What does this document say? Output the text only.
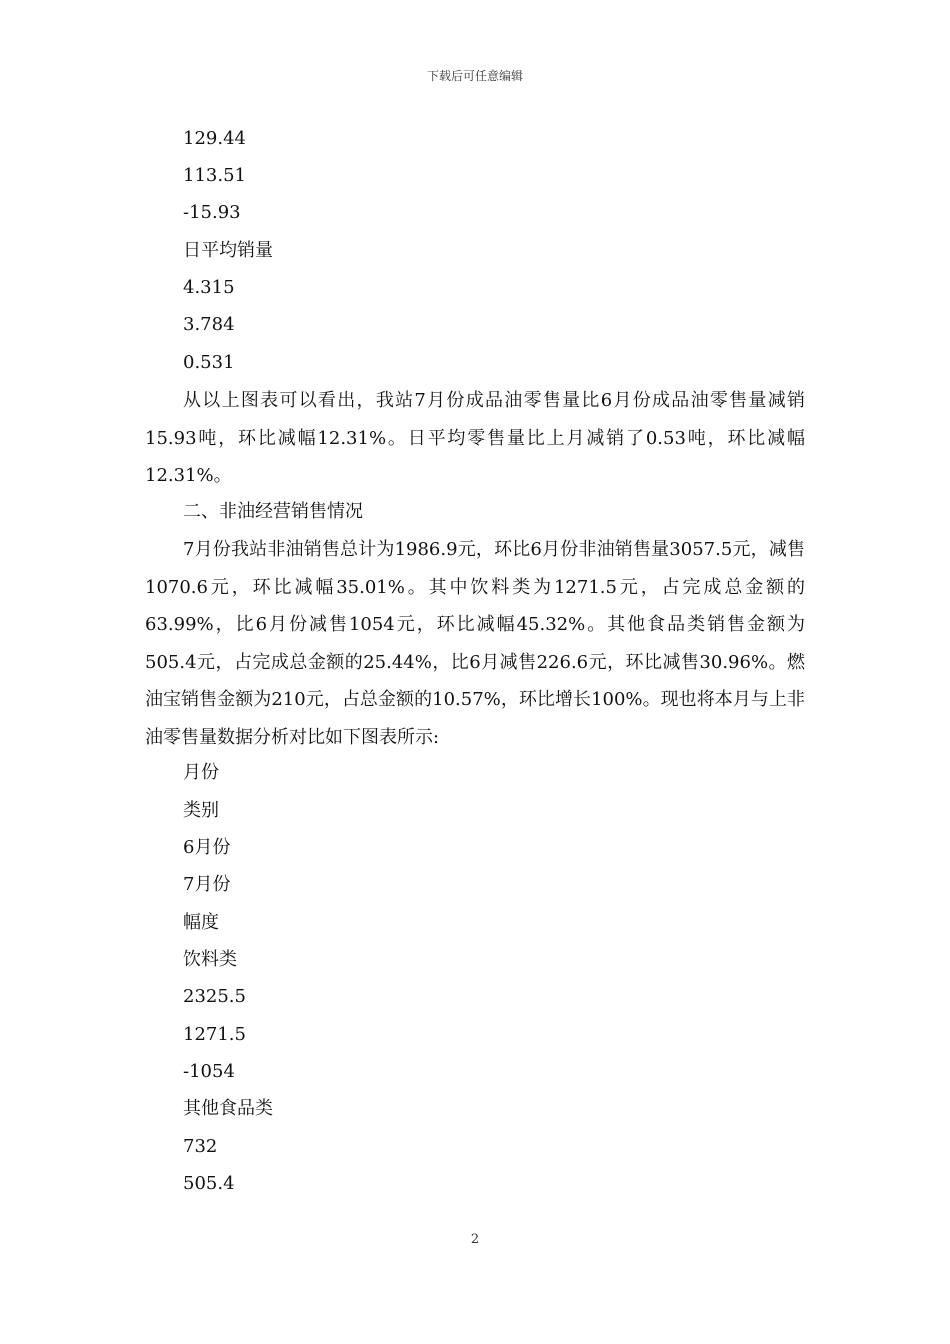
下载后可任意编辑
129.44
113.51
-15.93
日平均销量
4.315
3.784
0.531

从以上图表可以看出，我站7月份成品油零售量比6月份成品油零售量减销15.93吨，环比减幅12.31%。日平均零售量比上月减销了0.53吨，环比减幅12.31%。

二、非油经营销售情况

7月份我站非油销售总计为1986.9元，环比6月份非油销售量3057.5元，减售1070.6元，环比减幅35.01%。其中饮料类为1271.5元，占完成总金额的63.99%，比6月份减售1054元，环比减幅45.32%。其他食品类销售金额为505.4元，占完成总金额的25.44%，比6月减售226.6元，环比减售30.96%。燃油宝销售金额为210元，占总金额的10.57%，环比增长100%。现也将本月与上非油零售量数据分析对比如下图表所示:

月份
类别
6月份
7月份
幅度
饮料类
2325.5
1271.5
-1054
其他食品类
732
505.4
2
